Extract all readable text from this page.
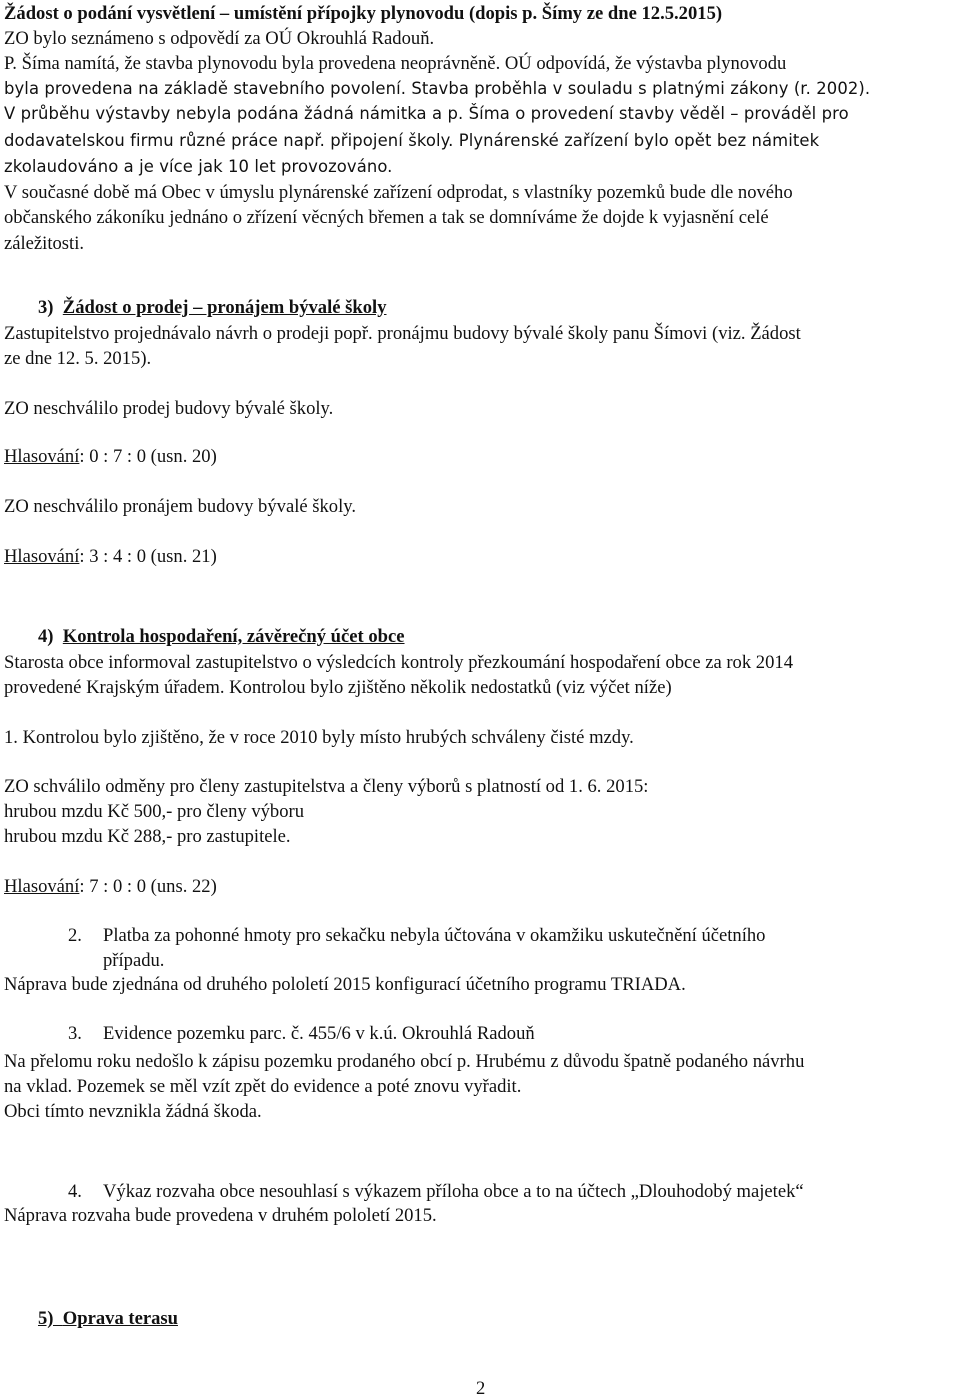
Žádost o podání vysvětlení – umístění přípojky plynovodu (dopis p. Šímy ze dne 12.5.2015)
ZO bylo seznámeno s odpovědí za OÚ Okrouhlá Radouň.
P. Šíma namítá, že stavba plynovodu byla provedena neoprávněně. OÚ odpovídá, že výstavba plynovodu
byla provedena na základě stavebního povolení. Stavba proběhla v souladu s platnými zákony (r. 2002).
V průběhu výstavby nebyla podána žádná námitka a p. Šíma o provedení stavby věděl – prováděl pro
dodavatelskou firmu různé práce např. připojení školy. Plynárenské zařízení bylo opět bez námitek
zkolaudováno a je více jak 10 let provozováno.
V současné době má Obec v úmyslu plynárenské zařízení odprodat, s vlastníky pozemků bude dle nového
občanského zákoníku jednáno o zřízení věcných břemen a tak se domníváme že dojde k vyjasnění celé
záležitosti.
3) Žádost o prodej – pronájem bývalé školy
Zastupitelstvo projednávalo návrh o prodeji popř. pronájmu budovy bývalé školy panu Šímovi (viz. Žádost
ze dne 12. 5. 2015).
ZO neschválilo prodej budovy bývalé školy.
Hlasování: 0 : 7 : 0 (usn. 20)
ZO neschválilo pronájem budovy bývalé školy.
Hlasování: 3 : 4 : 0 (usn. 21)
4) Kontrola hospodaření, závěrečný účet obce
Starosta obce informoval zastupitelstvo o výsledcích kontroly přezkoumání hospodaření obce za rok 2014
provedené Krajským úřadem. Kontrolou bylo zjištěno několik nedostatků (viz výčet níže)
1. Kontrolou bylo zjištěno, že v roce 2010 byly místo hrubých schváleny čisté mzdy.
ZO schválilo odměny pro členy zastupitelstva a členy výborů s platností od 1. 6. 2015:
hrubou mzdu Kč 500,- pro členy výboru
hrubou mzdu Kč 288,- pro zastupitele.
Hlasování: 7 : 0 : 0 (uns. 22)
2. Platba za pohonné hmoty pro sekačku nebyla účtována v okamžiku uskutečnění účetního
případu.
Náprava bude zjednána od druhého pololetí 2015 konfigurací účetního programu TRIADA.
3. Evidence pozemku parc. č. 455/6 v k.ú. Okrouhlá Radouň
Na přelomu roku nedošlo k zápisu pozemku prodaného obcí p. Hrubému z důvodu špatně podaného návrhu
na vklad. Pozemek se měl vzít zpět do evidence a poté znovu vyřadit.
Obci tímto nevznikla žádná škoda.
4. Výkaz rozvaha obce nesouhlasí s výkazem příloha obce a to na účtech „Dlouhodobý majetek“
Náprava rozvaha bude provedena v druhém pololetí 2015.
5) Oprava terasu
2
